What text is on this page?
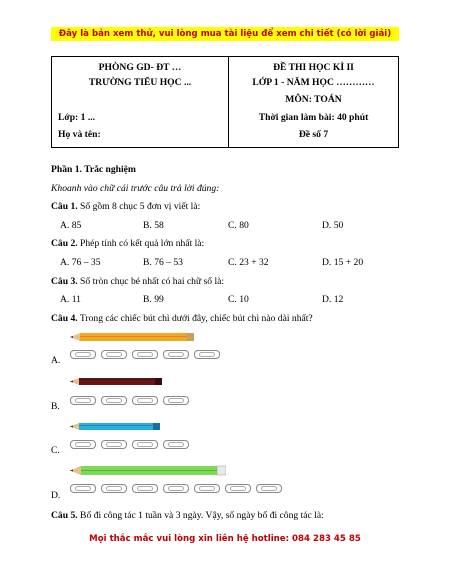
Đây là bản xem thử, vui lòng mua tài liệu để xem chi tiết (có lời giải)
PHÒNG GD- ĐT …
TRƯỜNG TIỂU HỌC ...
Lớp: 1 ...
Họ và tên:
ĐỀ THI HỌC KÌ II
LỚP 1 - NĂM HỌC …………
MÔN: TOÁN
Thời gian làm bài: 40 phút
Đề số 7
Phần 1. Trắc nghiệm
Khoanh vào chữ cái trước câu trả lời đúng:
Câu 1. Số gồm 8 chục 5 đơn vị viết là:
A. 85	B. 58	C. 80	D. 50
Câu 2. Phép tính có kết quả lớn nhất là:
A. 76 – 35	B. 76 – 53	C. 23 + 32	D. 15 + 20
Câu 3. Số tròn chục bé nhất có hai chữ số là:
A. 11	B. 99	C. 10	D. 12
Câu 4. Trong các chiếc bút chì dưới đây, chiếc bút chì nào dài nhất?
A.
B.
C.
D.
Câu 5. Bố đi công tác 1 tuần và 3 ngày. Vậy, số ngày bố đi công tác là:
Mọi thắc mắc vui lòng xin liên hệ hotline: 084 283 45 85
